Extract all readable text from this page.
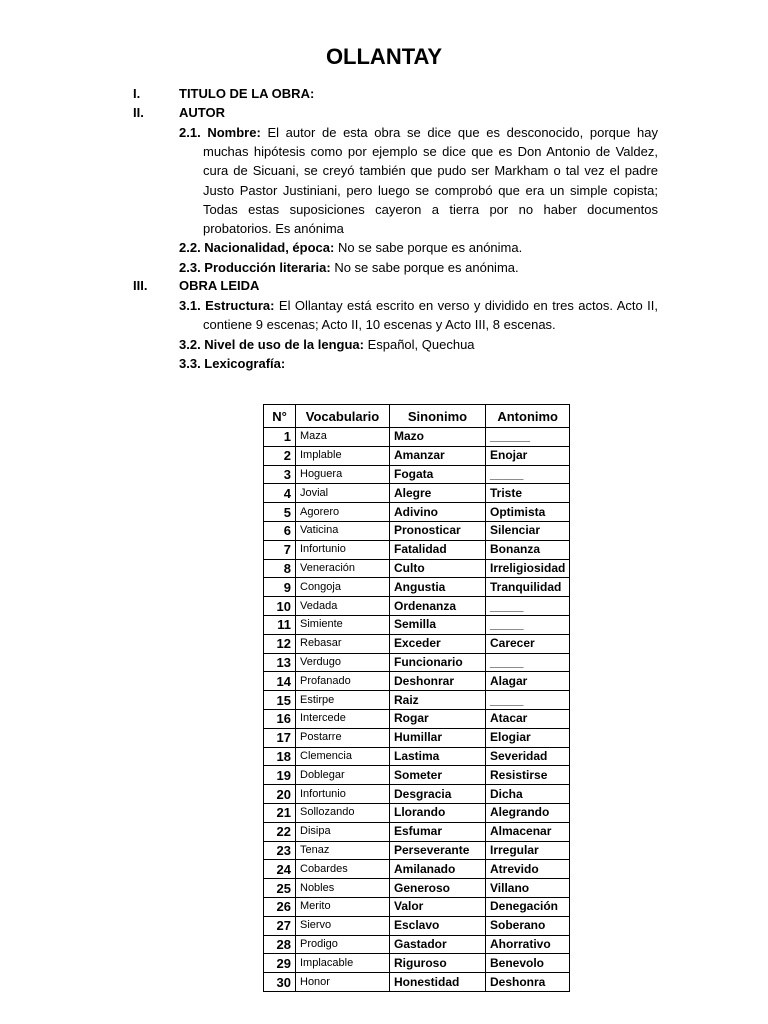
OLLANTAY
I.	TITULO DE LA OBRA:
II.	AUTOR
2.1. Nombre: El autor de esta obra se dice que es desconocido, porque hay muchas hipótesis como por ejemplo se dice que es Don Antonio de Valdez, cura de Sicuani, se creyó también que pudo ser Markham o tal vez el padre Justo Pastor Justiniani, pero luego se comprobó que era un simple copista; Todas estas suposiciones cayeron a tierra por no haber documentos probatorios. Es anónima
2.2. Nacionalidad, época: No se sabe porque es anónima.
2.3. Producción literaria: No se sabe porque es anónima.
III.	OBRA LEIDA
3.1. Estructura: El Ollantay está escrito en verso y dividido en tres actos. Acto II, contiene 9 escenas; Acto II, 10 escenas y Acto III, 8 escenas.
3.2. Nivel de uso de la lengua: Español, Quechua
3.3. Lexicografía:
N°	Vocabulario	Sinonimo	Antonimo
1	Maza	Mazo	______
2	Implable	Amanzar	Enojar
3	Hoguera	Fogata	_____
4	Jovial	Alegre	Triste
5	Agorero	Adivino	Optimista
6	Vaticina	Pronosticar	Silenciar
7	Infortunio	Fatalidad	Bonanza
8	Veneración	Culto	Irreligiosidad
9	Congoja	Angustia	Tranquilidad
10	Vedada	Ordenanza	_____
11	Simiente	Semilla	_____
12	Rebasar	Exceder	Carecer
13	Verdugo	Funcionario	_____
14	Profanado	Deshonrar	Alagar
15	Estirpe	Raiz	_____
16	Intercede	Rogar	Atacar
17	Postarre	Humillar	Elogiar
18	Clemencia	Lastima	Severidad
19	Doblegar	Someter	Resistirse
20	Infortunio	Desgracia	Dicha
21	Sollozando	Llorando	Alegrando
22	Disipa	Esfumar	Almacenar
23	Tenaz	Perseverante	Irregular
24	Cobardes	Amilanado	Atrevido
25	Nobles	Generoso	Villano
26	Merito	Valor	Denegación
27	Siervo	Esclavo	Soberano
28	Prodigo	Gastador	Ahorrativo
29	Implacable	Riguroso	Benevolo
30	Honor	Honestidad	Deshonra
